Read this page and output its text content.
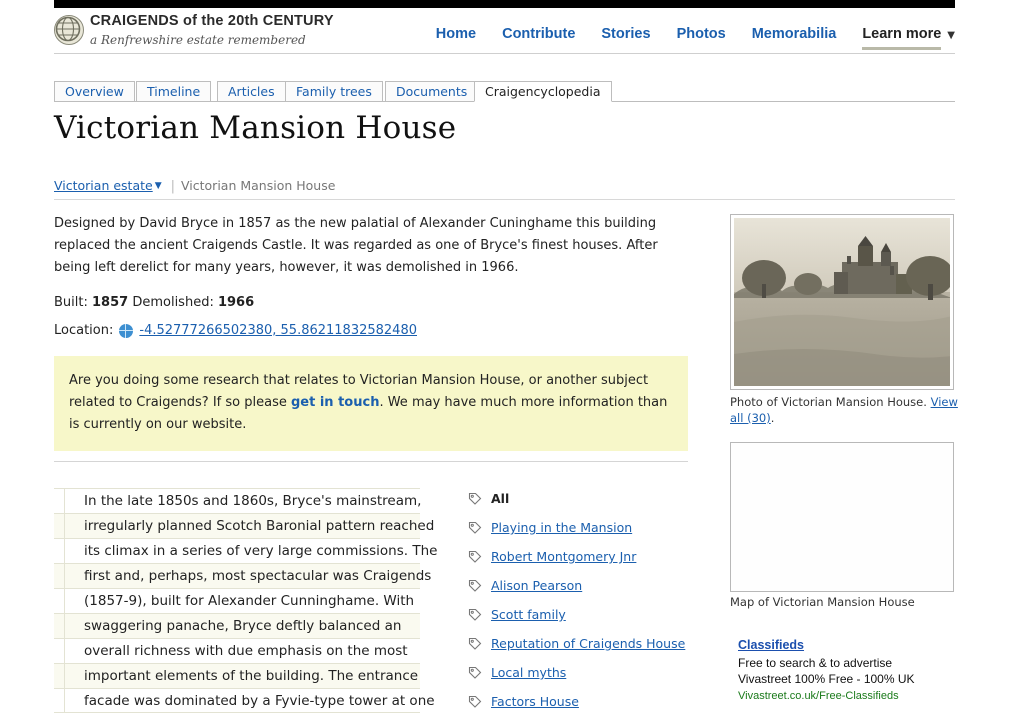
CRAIGENDS of the 20th CENTURY
a Renfrewshire estate remembered	Home Contribute Stories Photos Memorabilia Learn more ▼
Overview	Timeline	Articles	Family trees	Documents	Craigencyclopedia
Victorian Mansion House
Victorian estate ▼ | Victorian Mansion House
Designed by David Bryce in 1857 as the new palatial of Alexander Cuninghame this building replaced the ancient Craigends Castle. It was regarded as one of Bryce's finest houses. After being left derelict for many years, however, it was demolished in 1966.
Built: 1857 Demolished: 1966
Location: -4.52777266502380, 55.86211832582480
Are you doing some research that relates to Victorian Mansion House, or another subject related to Craigends? If so please get in touch. We may have much more information than is currently on our website.
In the late 1850s and 1860s, Bryce's mainstream,
irregularly planned Scotch Baronial pattern reached
its climax in a series of very large commissions. The
first and, perhaps, most spectacular was Craigends
(1857-9), built for Alexander Cunninghame. With
swaggering panache, Bryce deftly balanced an
overall richness with due emphasis on the most
important elements of the building. The entrance
facade was dominated by a Fyvie-type tower at one
All
Playing in the Mansion
Robert Montgomery Jnr
Alison Pearson
Scott family
Reputation of Craigends House
Local myths
Factors House
Photo of Victorian Mansion House. View all (30).
Map of Victorian Mansion House
Classifieds
Free to search & to advertise
Vivastreet 100% Free - 100% UK
Vivastreet.co.uk/Free-Classifieds
